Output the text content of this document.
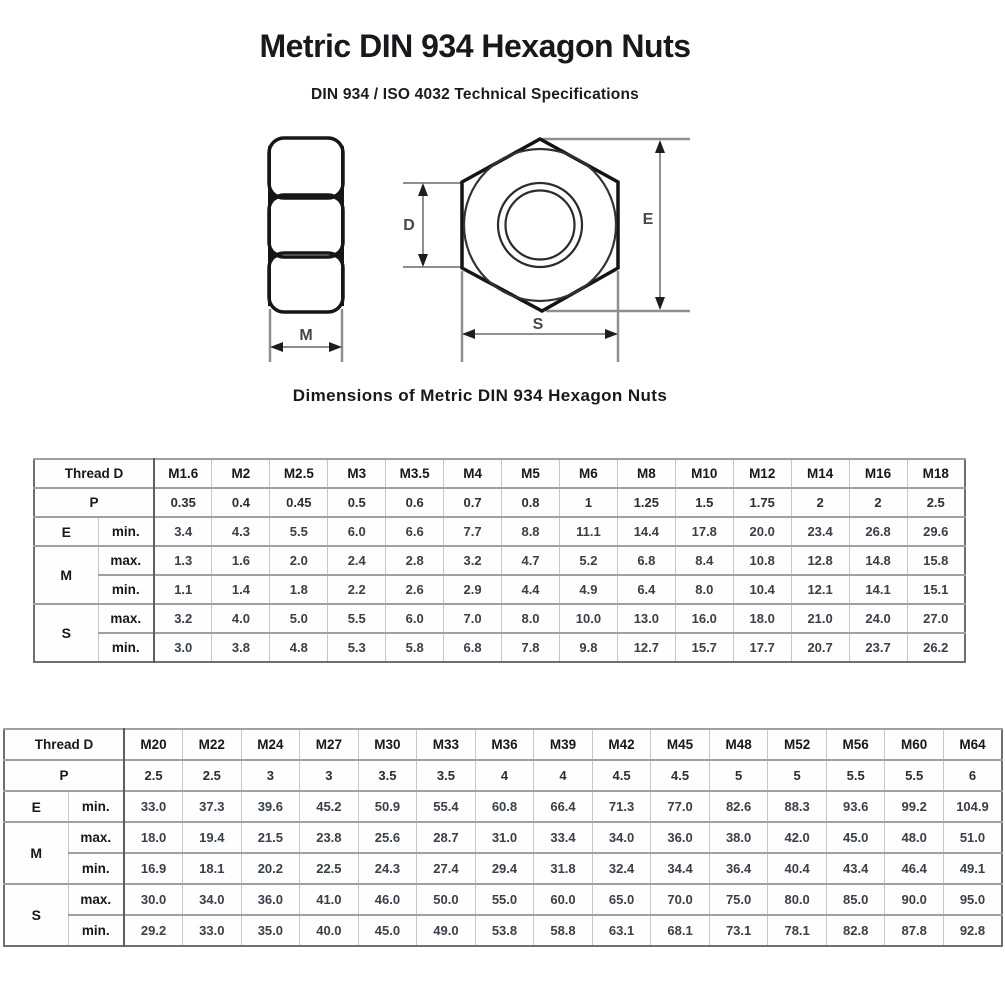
Metric DIN 934 Hexagon Nuts
DIN 934 / ISO 4032 Technical Specifications
M
D	E
S
Dimensions of Metric DIN 934 Hexagon Nuts
Thread D		M1.6	M2	M2.5	M3	M3.5	M4	M5	M6	M8	M10	M12	M14	M16	M18
P		0.35	0.4	0.45	0.5	0.6	0.7	0.8	1	1.25	1.5	1.75	2	2	2.5
E	min.	3.4	4.3	5.5	6.0	6.6	7.7	8.8	11.1	14.4	17.8	20.0	23.4	26.8	29.6
M	max.	1.3	1.6	2.0	2.4	2.8	3.2	4.7	5.2	6.8	8.4	10.8	12.8	14.8	15.8
	min.	1.1	1.4	1.8	2.2	2.6	2.9	4.4	4.9	6.4	8.0	10.4	12.1	14.1	15.1
S	max.	3.2	4.0	5.0	5.5	6.0	7.0	8.0	10.0	13.0	16.0	18.0	21.0	24.0	27.0
	min.	3.0	3.8	4.8	5.3	5.8	6.8	7.8	9.8	12.7	15.7	17.7	20.7	23.7	26.2
Thread D		M20	M22	M24	M27	M30	M33	M36	M39	M42	M45	M48	M52	M56	M60	M64
P		2.5	2.5	3	3	3.5	3.5	4	4	4.5	4.5	5	5	5.5	5.5	6
E	min.	33.0	37.3	39.6	45.2	50.9	55.4	60.8	66.4	71.3	77.0	82.6	88.3	93.6	99.2	104.9
M	max.	18.0	19.4	21.5	23.8	25.6	28.7	31.0	33.4	34.0	36.0	38.0	42.0	45.0	48.0	51.0
	min.	16.9	18.1	20.2	22.5	24.3	27.4	29.4	31.8	32.4	34.4	36.4	40.4	43.4	46.4	49.1
S	max.	30.0	34.0	36.0	41.0	46.0	50.0	55.0	60.0	65.0	70.0	75.0	80.0	85.0	90.0	95.0
	min.	29.2	33.0	35.0	40.0	45.0	49.0	53.8	58.8	63.1	68.1	73.1	78.1	82.8	87.8	92.8
